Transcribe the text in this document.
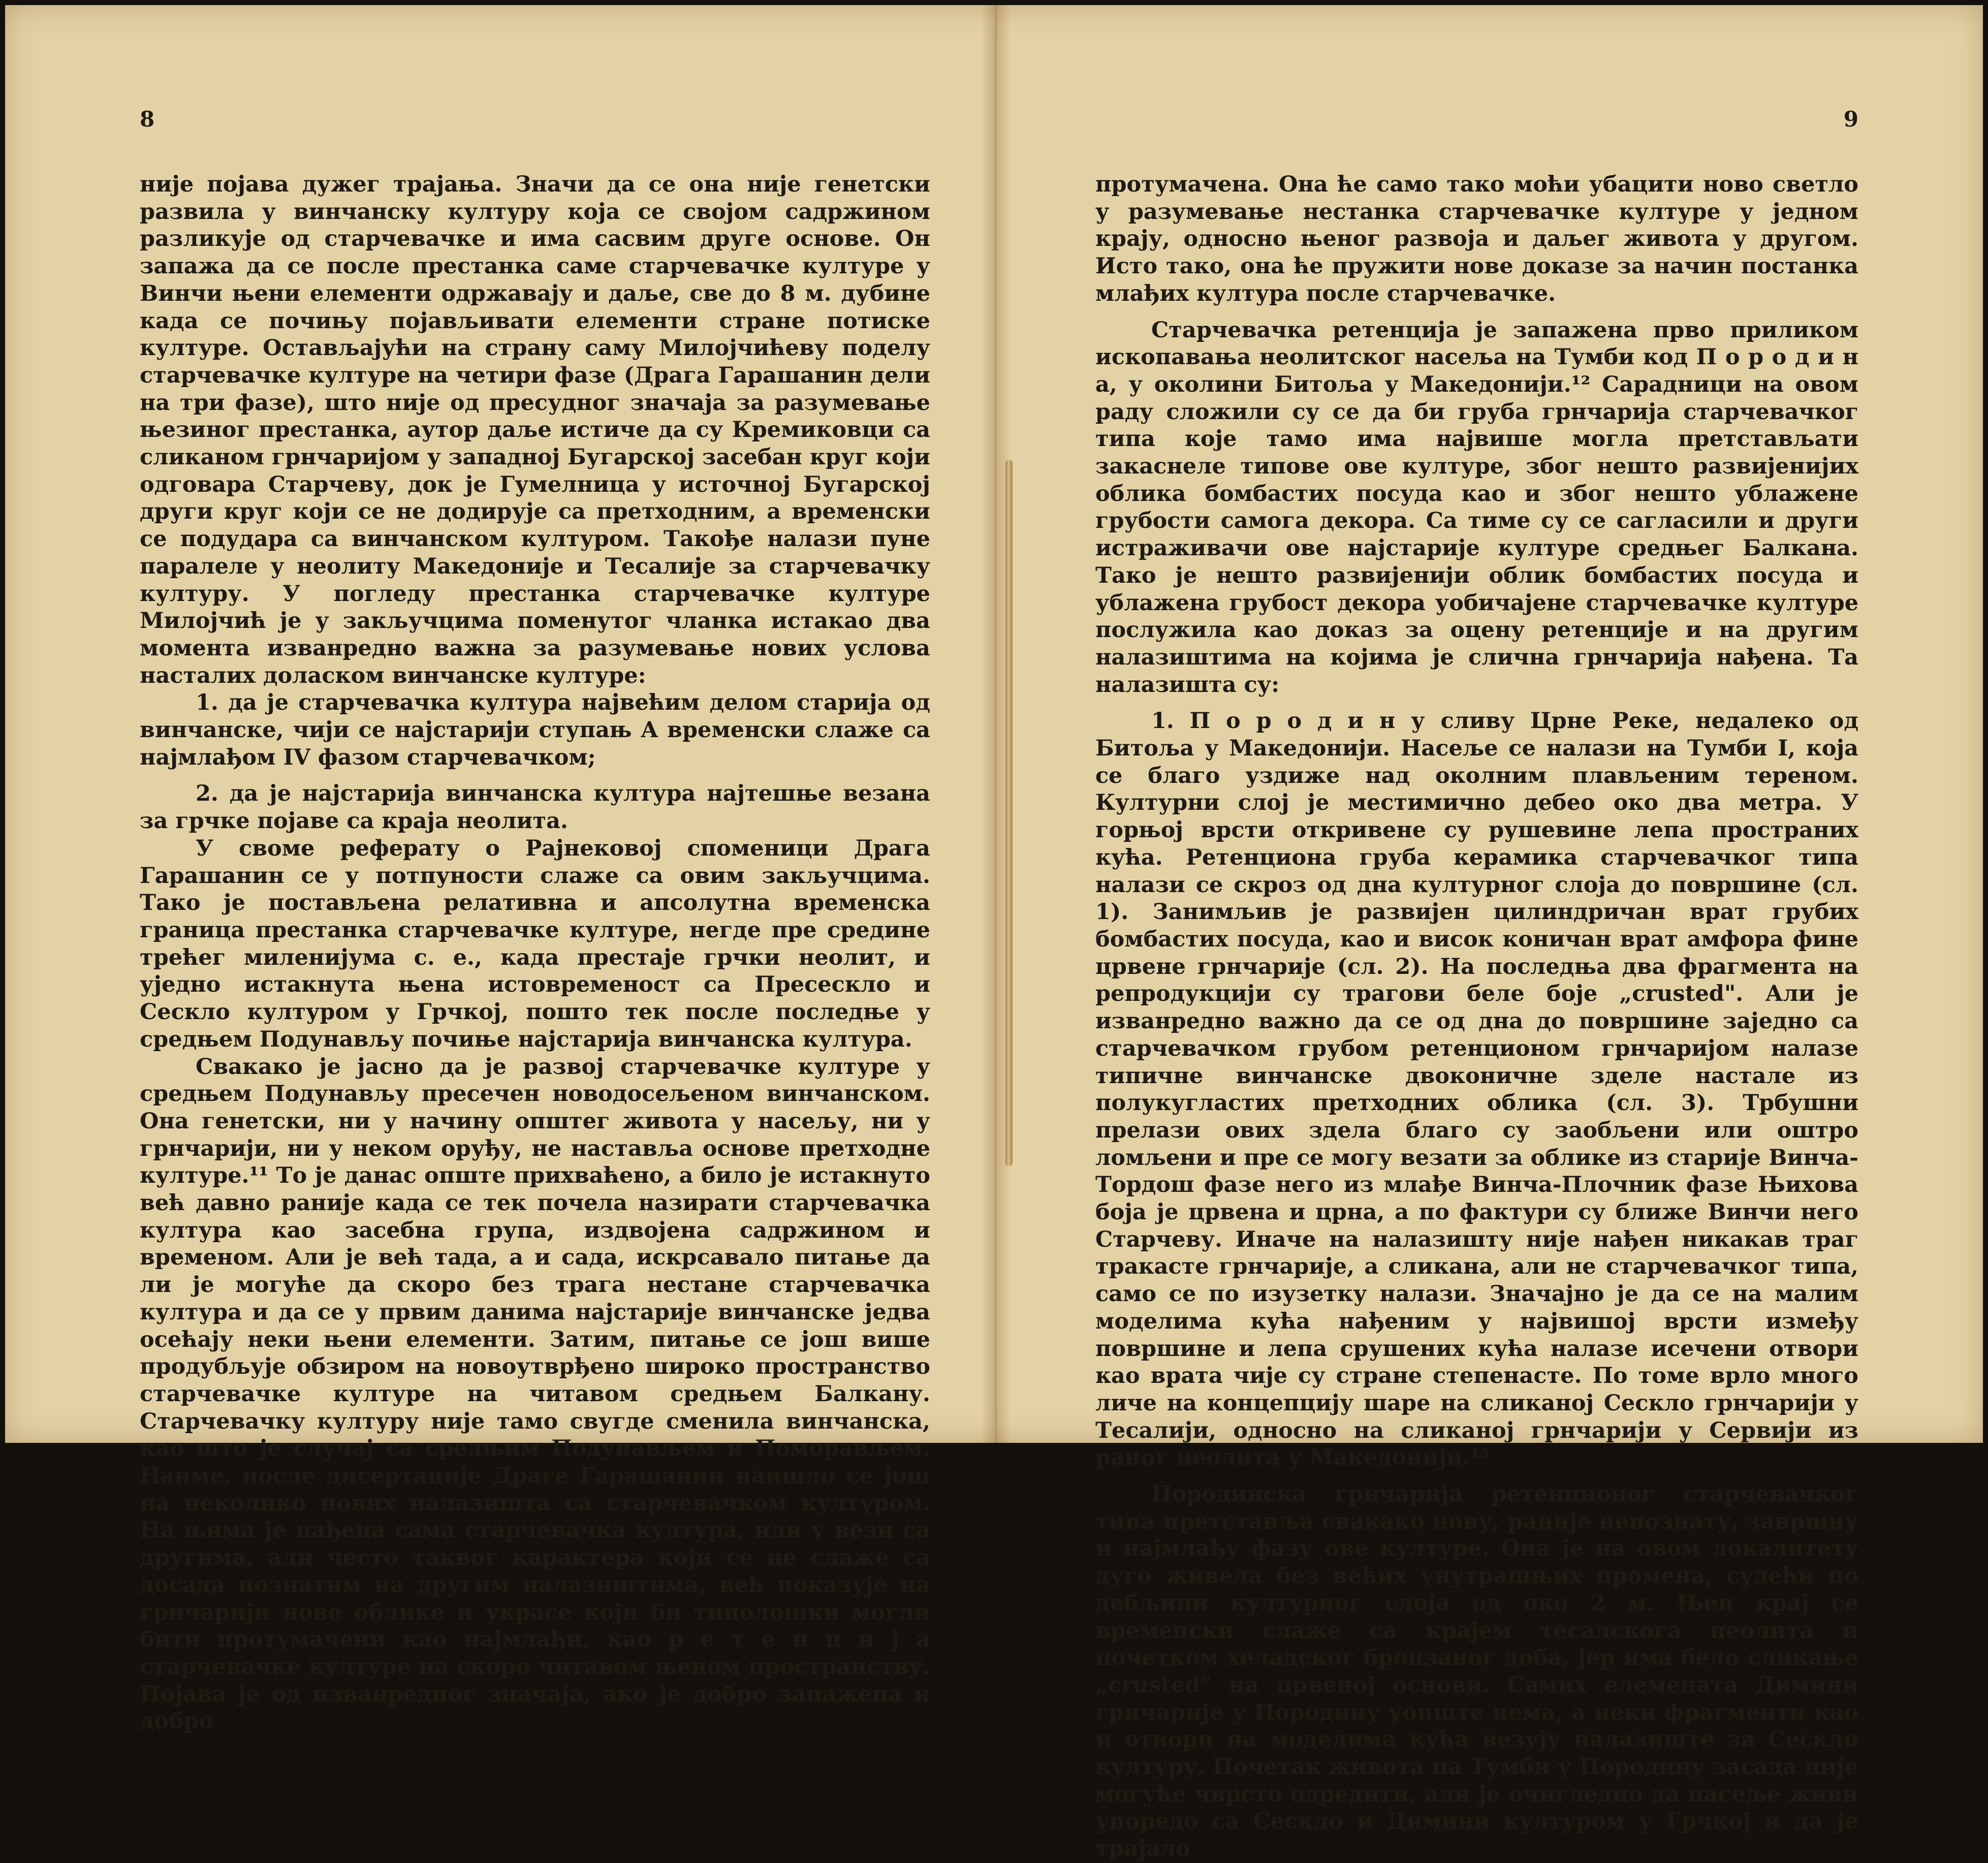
8

није појава дужег трајања. Значи да се она није генетски развила у винчанску културу која се својом садржином разликује од старчевачке и има сасвим друге основе. Он запажа да се после престанка саме старчевачке културе у Винчи њени елементи одржавају и даље, све до 8 м. дубине када се почињу појављивати елементи стране потиске културе. Остављајући на страну саму Милојчићеву поделу старчевачке културе на четири фазе (Драга Гарашанин дели на три фазе), што није од пресудног значаја за разумевање њезиног престанка, аутор даље истиче да су Кремиковци са сликаном грнчаријом у западној Бугарској засебан круг који одговара Старчеву, док је Гумелница у источној Бугарској други круг који се не додирује са претходним, а временски се подудара са винчанском културом. Такође налази пуне паралеле у неолиту Македоније и Тесалије за старчевачку културу. У погледу престанка старчевачке културе Милојчић је у закључцима поменутог чланка истакао два момента изванредно важна за разумевање нових услова насталих доласком винчанске културе:

1. да је старчевачка култура највећим делом старија од винчанске, чији се најстарији ступањ A временски слаже са најмлађом IV фазом старчевачком;

2. да је најстарија винчанска култура најтешње везана за грчке појаве са краја неолита.

У своме реферату о Рајнековој споменици Драга Гарашанин се у потпуности слаже са овим закључцима. Тако је постављена релативна и апсолутна временска граница престанка старчевачке културе, негде пре средине трећег миленијума с. е., када престаје грчки неолит, и уједно истакнута њена истовременост са Пресескло и Сескло културом у Грчкој, пошто тек после последње у средњем Подунављу почиње најстарија винчанска култура.

Свакако је јасно да је развој старчевачке културе у средњем Подунављу пресечен новодосељеном винчанском. Она генетски, ни у начину општег живота у насељу, ни у грнчарији, ни у неком оруђу, не наставља основе претходне културе.¹¹ То је данас опште прихваћено, а било је истакнуто већ давно раније када се тек почела назирати старчевачка култура као засебна група, издвојена садржином и временом. Али је већ тада, а и сада, искрсавало питање да ли је могуће да скоро без трага нестане старчевачка култура и да се у првим данима најстарије винчанске једва осећају неки њени елементи. Затим, питање се још више продубљује обзиром на новоутврђено широко пространство старчевачке културе на читавом средњем Балкану. Старчевачку културу није тамо свугде сменила винчанска, као што је случај са средњим Подунављем и Поморављем. Наиме, после дисертације Драге Гарашанин наишло се још на неколико нових налазишта са старчевачком културом. На њима је нађена сама старчевачка култура, или у вези са другима, али често таквог карактера који се не слаже са досада познатим на другим налазиштима, већ показује на грнчарији нове облике и украсе који би типолошки могли бити протумачени као најмлађи, као р е т е н ц и ј а старчевачке културе на скоро читавом њеном пространству. Појава је од изванредног значаја, ако је добро запажена и добро

9

протумачена. Она ће само тако моћи убацити ново светло у разумевање нестанка старчевачке културе у једном крају, односно њеног развоја и даљег живота у другом. Исто тако, она ће пружити нове доказе за начин постанка млађих култура после старчевачке.

Старчевачка ретенција је запажена прво приликом ископавања неолитског насеља на Тумби код П о р о д и н а, у околини Битоља у Македонији.¹² Сарадници на овом раду сложили су се да би груба грнчарија старчевачког типа које тамо има највише могла претстављати закаснеле типове ове културе, због нешто развијенијих облика бомбастих посуда као и због нешто ублажене грубости самога декора. Са тиме су се сагласили и други истраживачи ове најстарије културе средњег Балкана. Тако је нешто развијенији облик бомбастих посуда и ублажена грубост декора уобичајене старчевачке културе послужила као доказ за оцену ретенције и на другим налазиштима на којима је слична грнчарија нађена. Та налазишта су:

1. П о р о д и н у сливу Црне Реке, недалеко од Битоља у Македонији. Насеље се налази на Тумби I, која се благо уздиже над околним плављеним тереном. Културни слој је местимично дебео око два метра. У горњој врсти откривене су рушевине лепа пространих кућа. Ретенциона груба керамика старчевачког типа налази се скроз од дна културног слоја до површине (сл. 1). Занимљив је развијен цилиндричан врат грубих бомбастих посуда, као и висок коничан врат амфора фине црвене грнчарије (сл. 2). На последња два фрагмента на репродукцији су трагови беле боје „crusted". Али је изванредно важно да се од дна до површине заједно са старчевачком грубом ретенционом грнчаријом налазе типичне винчанске двоконичне зделе настале из полукугластих претходних облика (сл. 3). Трбушни прелази ових здела благо су заобљени или оштро ломљени и пре се могу везати за облике из старије Винча-Тордош фазе него из млађе Винча-Плочник фазе Њихова боја је црвена и црна, а по фактури су ближе Винчи него Старчеву. Иначе на налазишту није нађен никакав траг тракасте грнчарије, а сликана, али не старчевачког типа, само се по изузетку налази. Значајно је да се на малим моделима кућа нађеним у највишој врсти између површине и лепа срушених кућа налазе исечени отвори као врата чије су стране степенасте. По томе врло много личе на концепцију шаре на сликаној Сескло грнчарији у Тесалији, односно на сликаној грнчарији у Сервији из раног неолита у Македонији.¹³

Породинска грнчарија ретенционог старчевачког типа претставља свакако нову, раније непознату, завршну и најмлађу фазу ове културе. Она је на овом локалитету дуго живела без већих унутрашњих промена, судећи по дебљини културног слоја од око 2 м. Њен крај се временски слаже са крајем тесалскога неолита и почетком хеладског бронзаног доба, јер има бело сликање „crusted" на црвеној основи. Самих елемената Димини грнчарије у Породину уопште нема, а неки фрагменти као и отвори на моделима кућа везују налазиште за Сескло културу. Почетак живота на Тумби у Породину засада није могуће чврсто одредити, али је очигледно да насеље живи упоредо са Сескло и Димини културом у Грчкој и да је трајало
